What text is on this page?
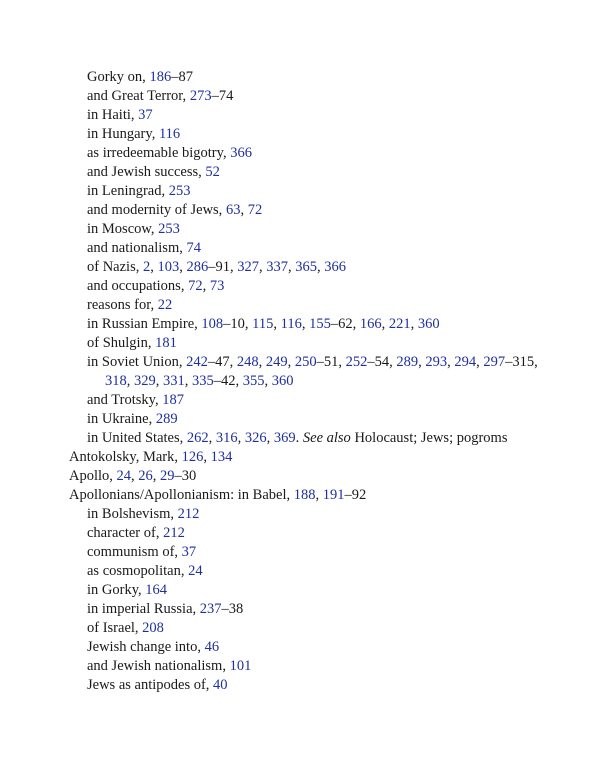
Gorky on, 186–87
and Great Terror, 273–74
in Haiti, 37
in Hungary, 116
as irredeemable bigotry, 366
and Jewish success, 52
in Leningrad, 253
and modernity of Jews, 63, 72
in Moscow, 253
and nationalism, 74
of Nazis, 2, 103, 286–91, 327, 337, 365, 366
and occupations, 72, 73
reasons for, 22
in Russian Empire, 108–10, 115, 116, 155–62, 166, 221, 360
of Shulgin, 181
in Soviet Union, 242–47, 248, 249, 250–51, 252–54, 289, 293, 294, 297–315,
318, 329, 331, 335–42, 355, 360
and Trotsky, 187
in Ukraine, 289
in United States, 262, 316, 326, 369. See also Holocaust; Jews; pogroms
Antokolsky, Mark, 126, 134
Apollo, 24, 26, 29–30
Apollonians/Apollonianism: in Babel, 188, 191–92
in Bolshevism, 212
character of, 212
communism of, 37
as cosmopolitan, 24
in Gorky, 164
in imperial Russia, 237–38
of Israel, 208
Jewish change into, 46
and Jewish nationalism, 101
Jews as antipodes of, 40
